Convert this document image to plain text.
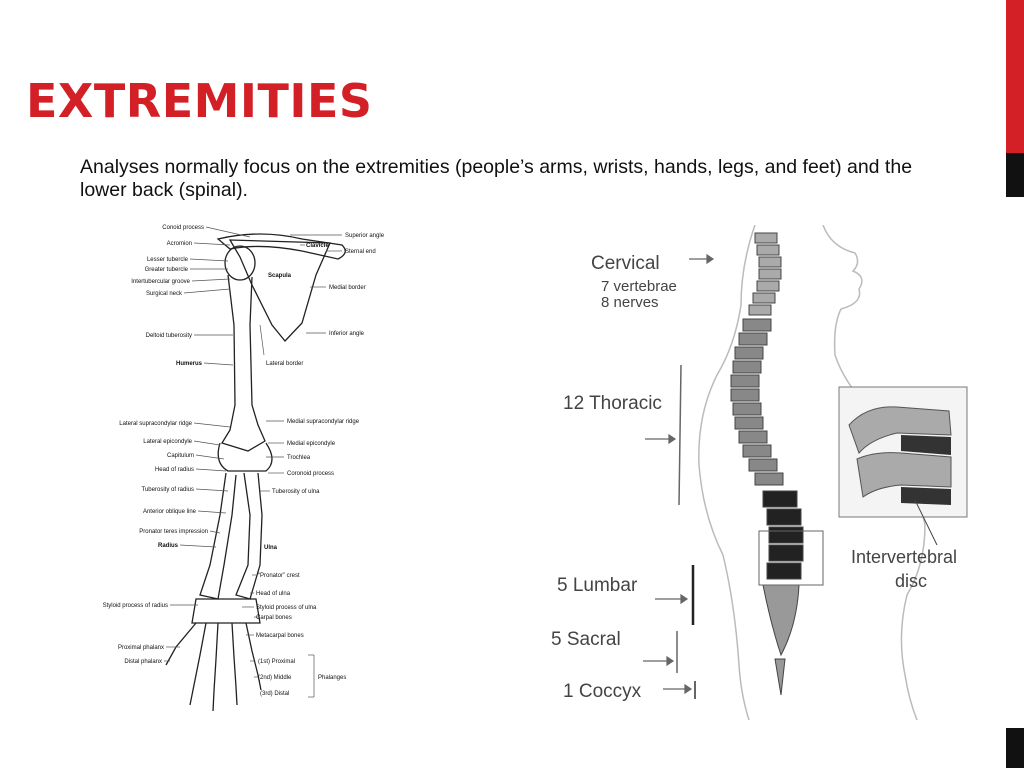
EXTREMITIES

Analyses normally focus on the extremities (people’s arms, wrists, hands, legs, and feet) and the lower back (spinal).

Conoid process
Acromion
Lesser tubercle
Greater tubercle
Intertubercular groove
Surgical neck
Deltoid tuberosity
Humerus
Lateral supracondylar ridge
Lateral epicondyle
Capitulum
Head of radius
Tuberosity of radius
Anterior oblique line
Pronator teres impression
Radius
Styloid process of radius
Proximal phalanx
Distal phalanx
Superior angle
Clavicle
Sternal end
Scapula
Medial border
Inferior angle
Lateral border
Medial supracondylar ridge
Medial epicondyle
Trochlea
Coronoid process
Tuberosity of ulna
Ulna
“Pronator” crest
Head of ulna
Styloid process of ulna
Carpal bones
Metacarpal bones
(1st) Proximal
(2nd) Middle
(3rd) Distal
Phalanges
Cervical
7 vertebrae
8 nerves
12 Thoracic
5 Lumbar
5 Sacral
1 Coccyx
Intervertebral
disc
